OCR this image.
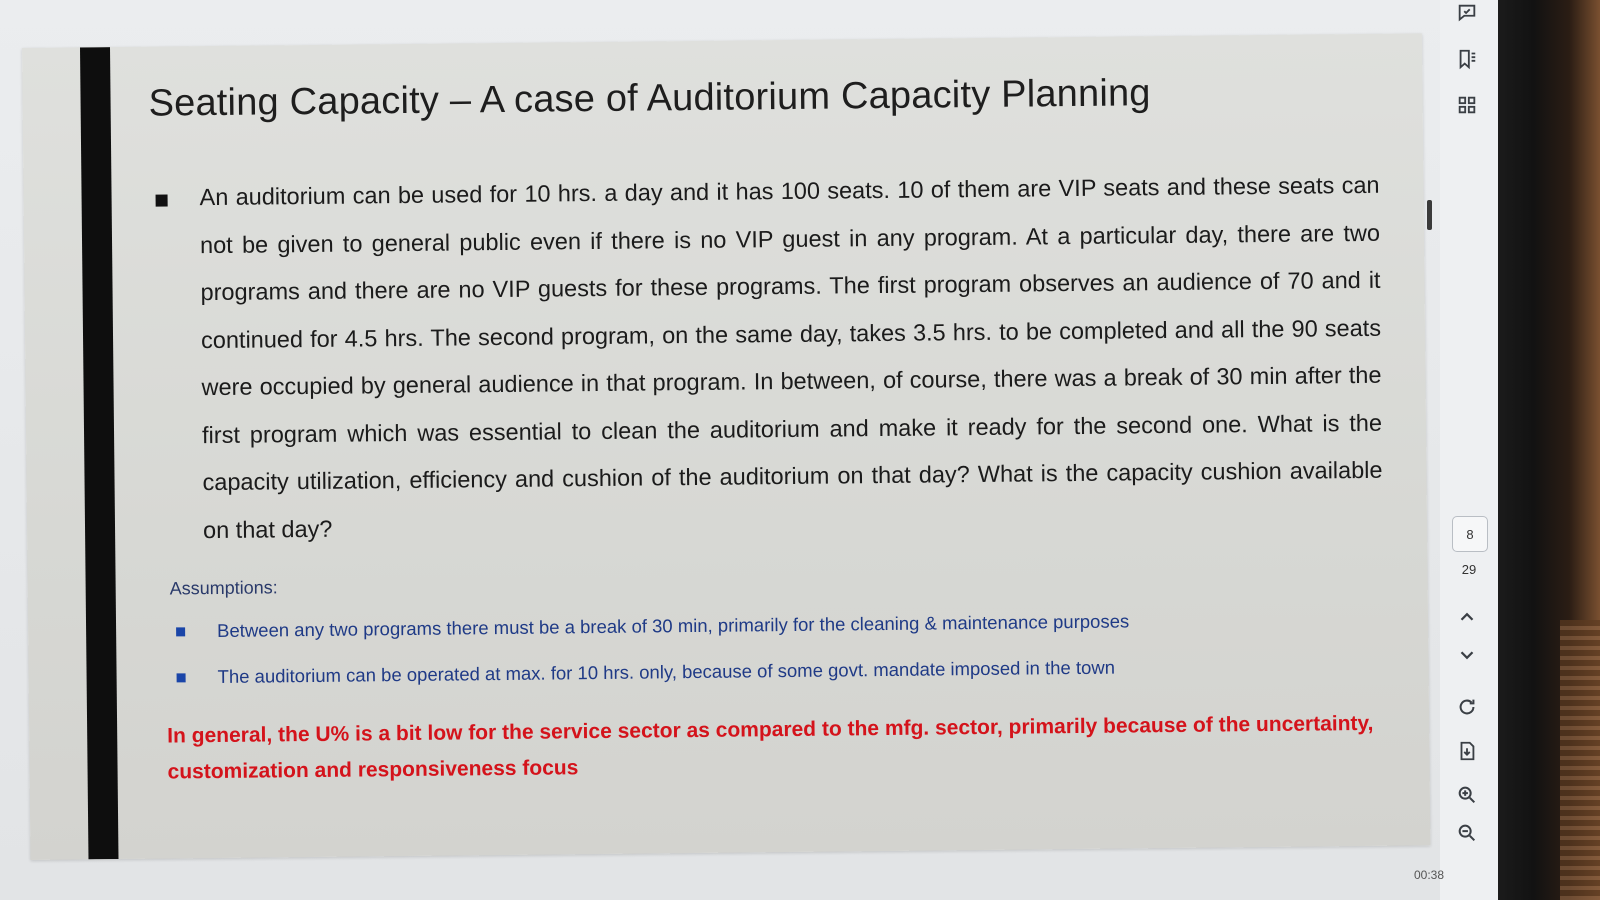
Seating Capacity – A case of Auditorium Capacity Planning
An auditorium can be used for 10 hrs. a day and it has 100 seats. 10 of them are VIP seats and these seats can not be given to general public even if there is no VIP guest in any program. At a particular day, there are two programs and there are no VIP guests for these programs. The first program observes an audience of 70 and it continued for 4.5 hrs. The second program, on the same day, takes 3.5 hrs. to be completed and all the 90 seats were occupied by general audience in that program. In between, of course, there was a break of 30 min after the first program which was essential to clean the auditorium and make it ready for the second one. What is the capacity utilization, efficiency and cushion of the auditorium on that day? What is the capacity cushion available on that day?
Assumptions:
Between any two programs there must be a break of 30 min, primarily for the cleaning & maintenance purposes
The auditorium can be operated at max. for 10 hrs. only, because of some govt. mandate imposed in the town
In general, the U% is a bit low for the service sector as compared to the mfg. sector, primarily because of the uncertainty, customization and responsiveness focus
8
29
00:38
